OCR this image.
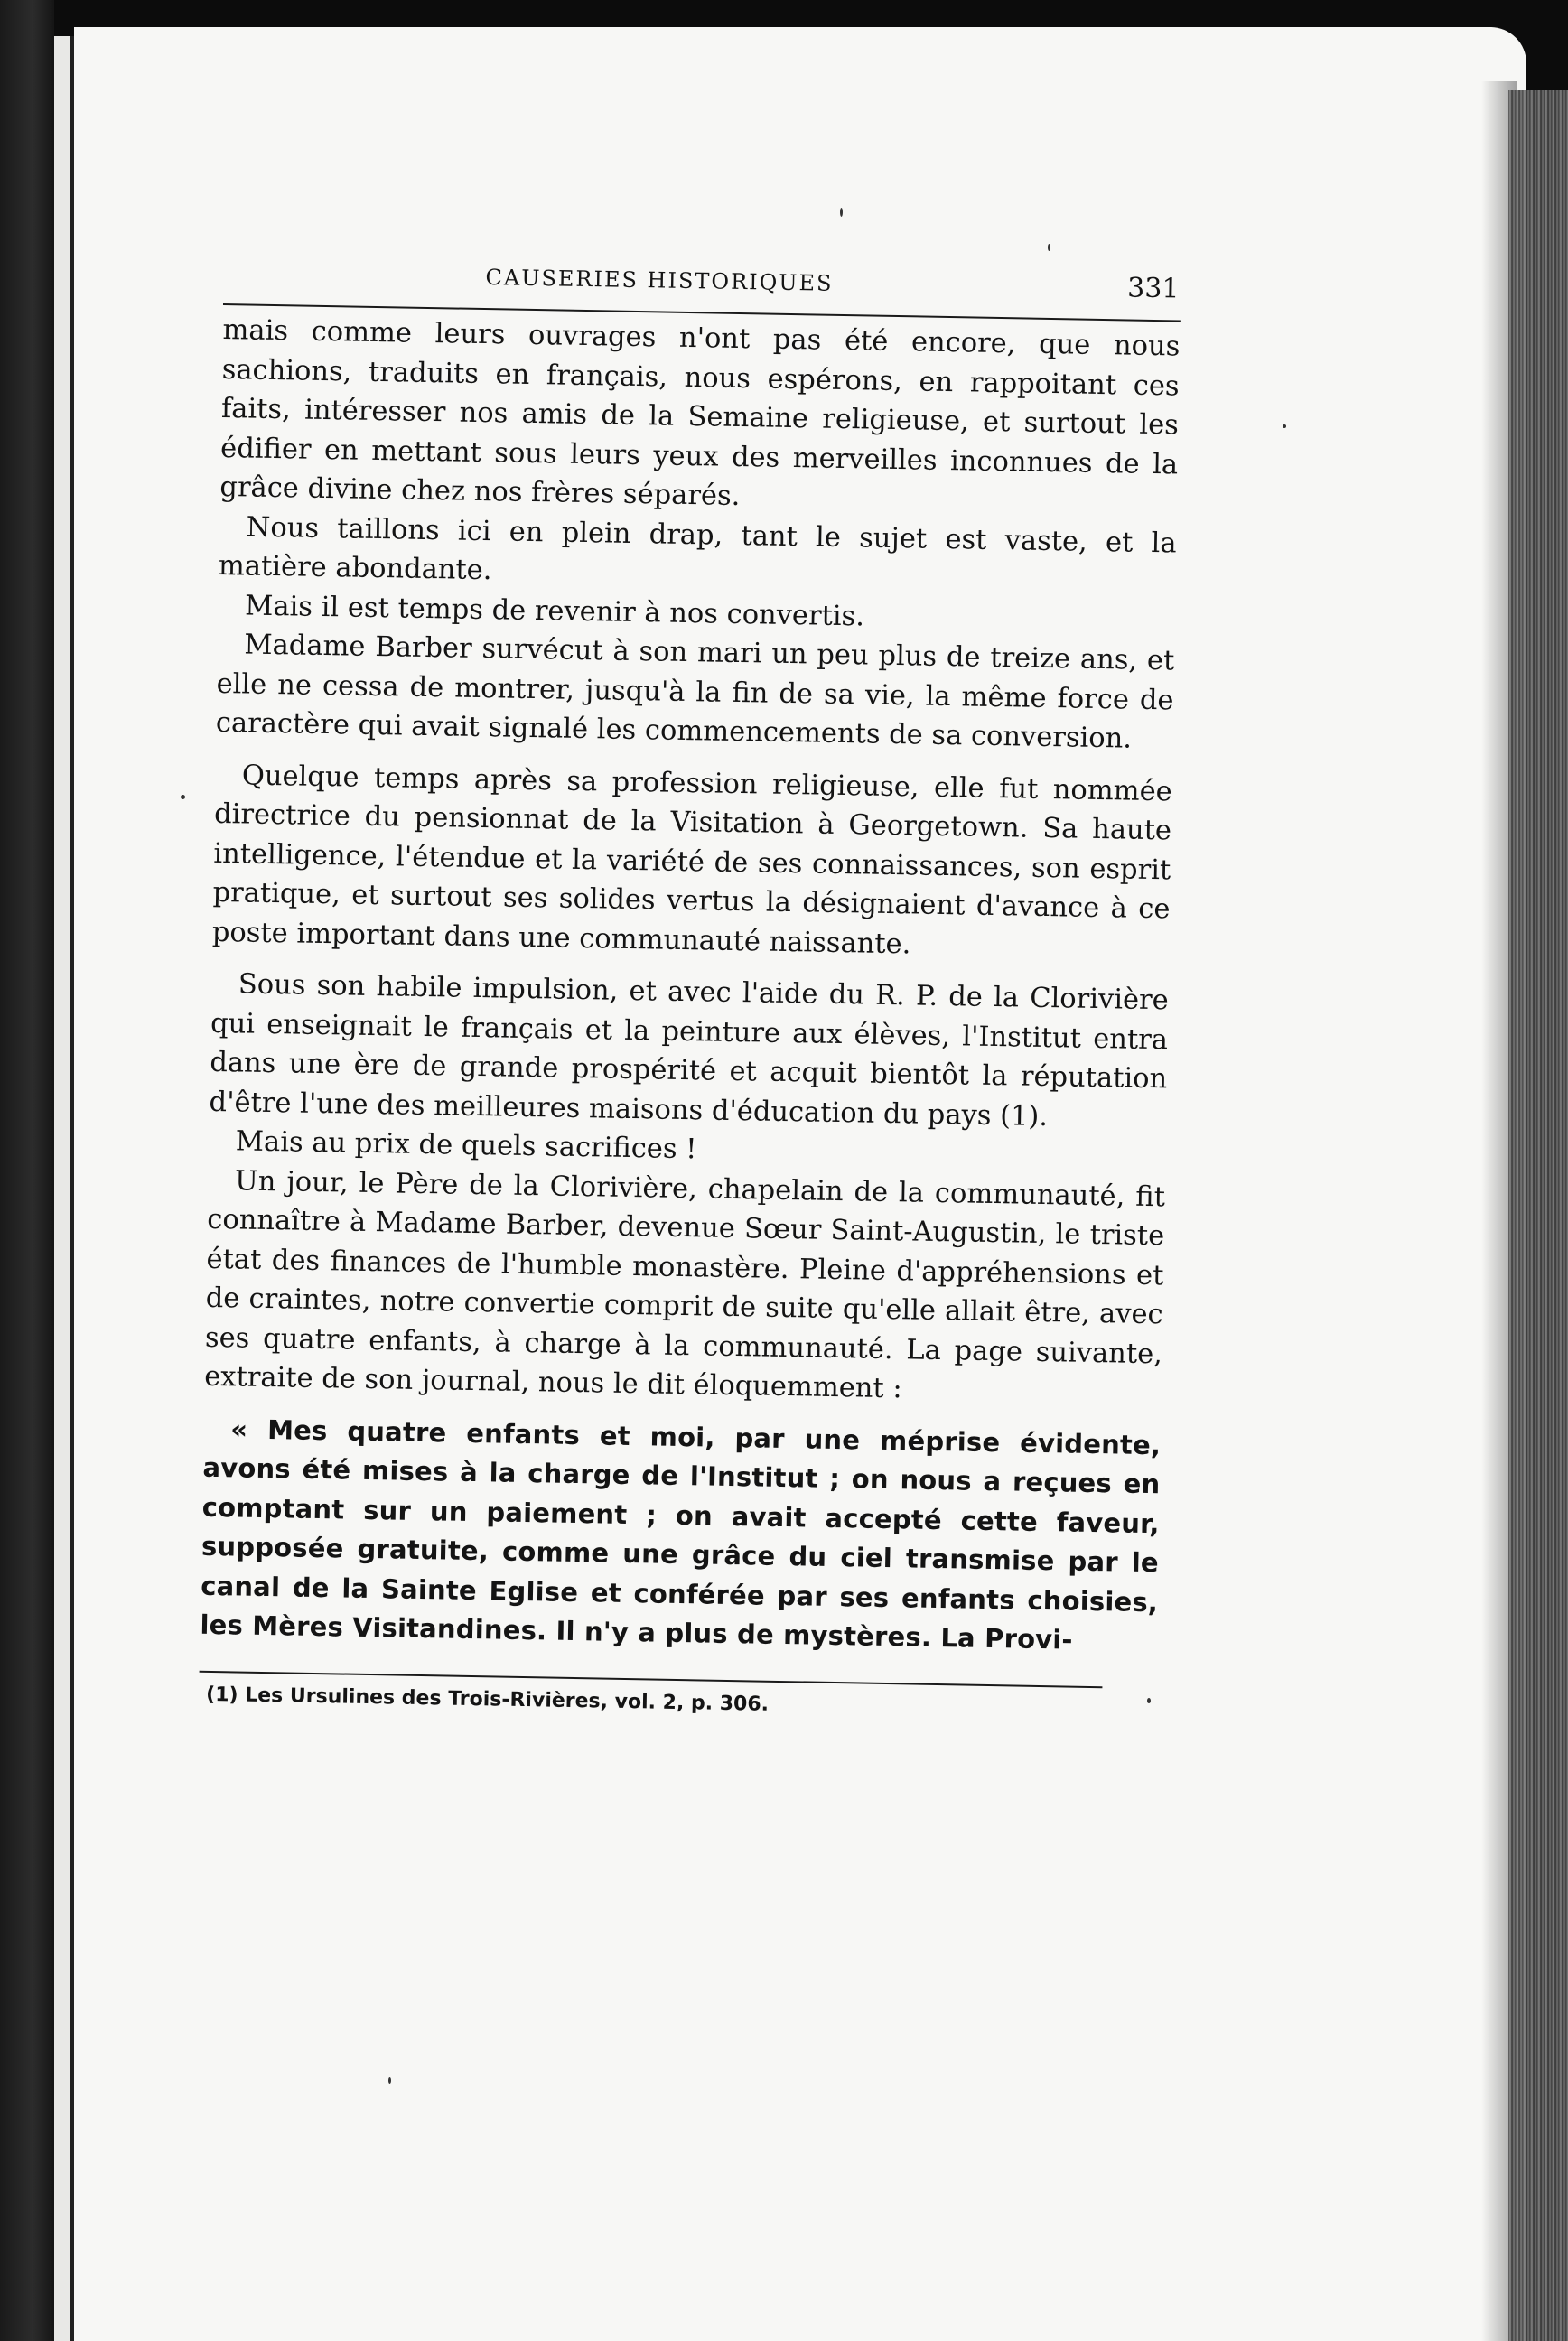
CAUSERIES HISTORIQUES	331

mais comme leurs ouvrages n'ont pas été encore, que nous sachions, traduits en français, nous espérons, en rappoitant ces faits, intéresser nos amis de la Semaine religieuse, et surtout les édifier en mettant sous leurs yeux des merveilles inconnues de la grâce divine chez nos frères séparés.

Nous taillons ici en plein drap, tant le sujet est vaste, et la matière abondante.

Mais il est temps de revenir à nos convertis.

Madame Barber survécut à son mari un peu plus de treize ans, et elle ne cessa de montrer, jusqu'à la fin de sa vie, la même force de caractère qui avait signalé les commencements de sa conversion.

Quelque temps après sa profession religieuse, elle fut nommée directrice du pensionnat de la Visitation à Georgetown. Sa haute intelligence, l'étendue et la variété de ses connaissances, son esprit pratique, et surtout ses solides vertus la désignaient d'avance à ce poste important dans une communauté naissante.

Sous son habile impulsion, et avec l'aide du R. P. de la Clorivière qui enseignait le français et la peinture aux élèves, l'Institut entra dans une ère de grande prospérité et acquit bientôt la réputation d'être l'une des meilleures maisons d'éducation du pays (1).

Mais au prix de quels sacrifices !

Un jour, le Père de la Clorivière, chapelain de la communauté, fit connaître à Madame Barber, devenue Sœur Saint-Augustin, le triste état des finances de l'humble monastère. Pleine d'appréhensions et de craintes, notre convertie comprit de suite qu'elle allait être, avec ses quatre enfants, à charge à la communauté. La page suivante, extraite de son journal, nous le dit éloquemment :

« Mes quatre enfants et moi, par une méprise évidente, avons été mises à la charge de l'Institut ; on nous a reçues en comptant sur un paiement ; on avait accepté cette faveur, supposée gratuite, comme une grâce du ciel transmise par le canal de la Sainte Eglise et conférée par ses enfants choisies, les Mères Visitandines. Il n'y a plus de mystères. La Provi-

(1) Les Ursulines des Trois-Rivières, vol. 2, p. 306.
